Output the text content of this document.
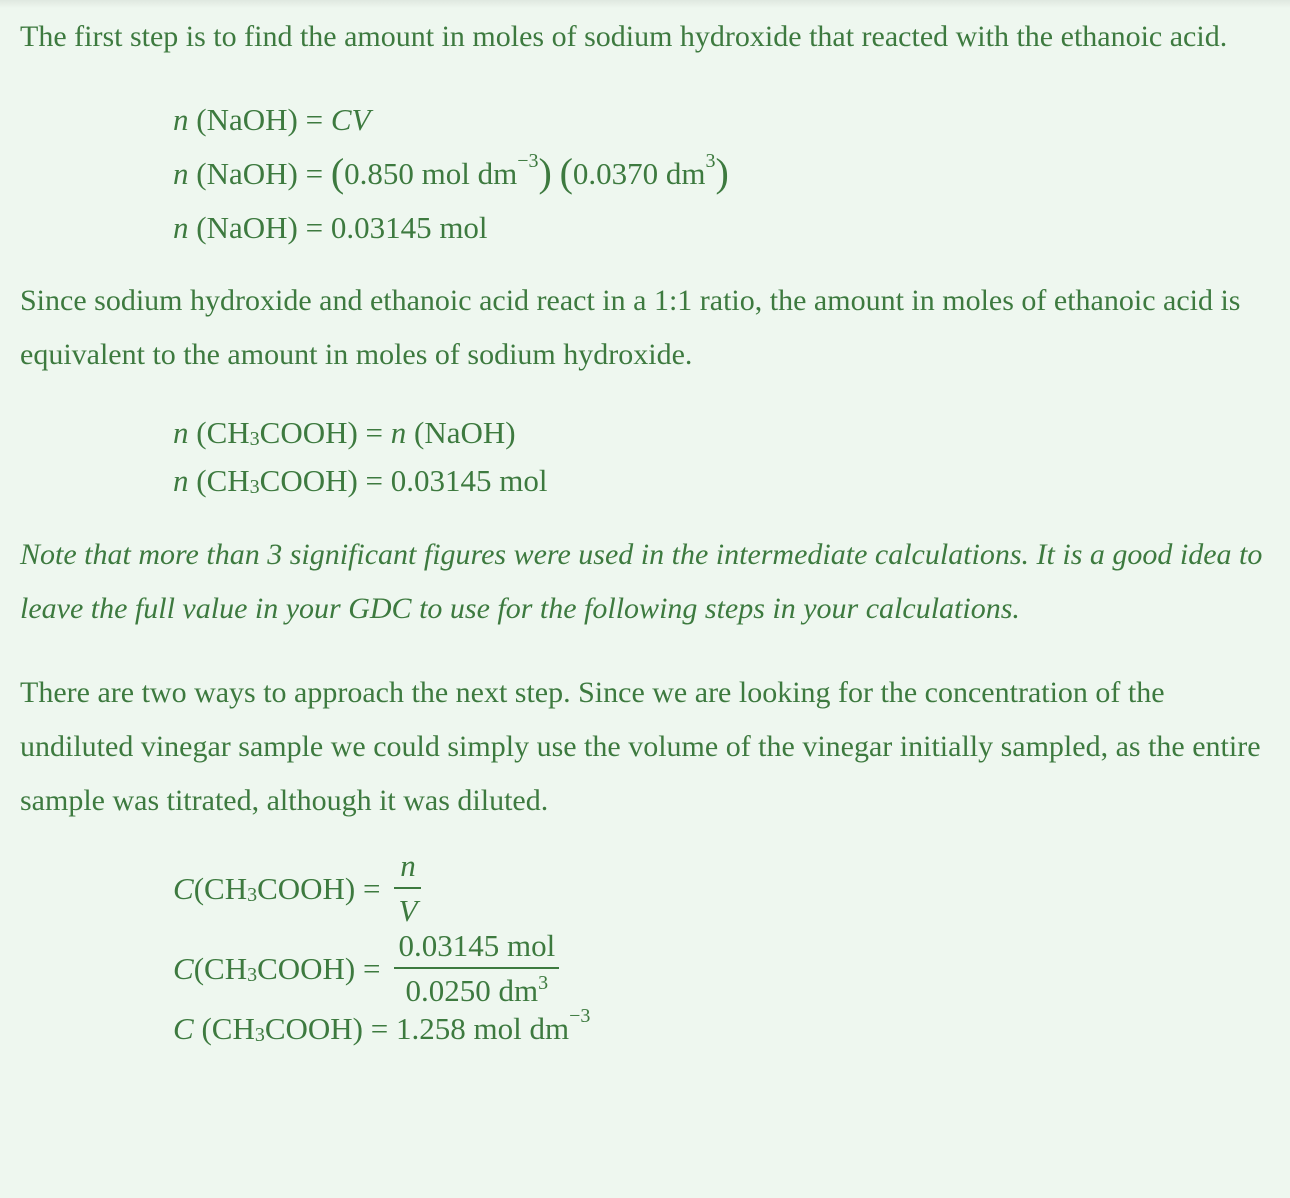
The first step is to find the amount in moles of sodium hydroxide that reacted with the ethanoic acid.

n (NaOH) = CV
n (NaOH) = ( 0.850 mol dm −3 )
( 0.0370 dm 3 )
n (NaOH) = 0.03145 mol

Since sodium hydroxide and ethanoic acid react in a 1:1 ratio, the amount in moles of ethanoic acid is equivalent to the amount in moles of sodium hydroxide.

n (CH 3 COOH) = n (NaOH)
n (CH 3 COOH) = 0.03145 mol

Note that more than 3 significant figures were used in the intermediate calculations. It is a good idea to leave the full value in your GDC to use for the following steps in your calculations.

There are two ways to approach the next step. Since we are looking for the concentration of the undiluted vinegar sample we could simply use the volume of the vinegar initially sampled, as the entire sample was titrated, although it was diluted.

C (CH 3 COOH) = $\frac{n}{V}$
C (CH 3 COOH) = $\frac{\text{0.03145 mol}}{0.0250 dm^3}$
C (CH 3 COOH) = 1.258 mol dm −3
